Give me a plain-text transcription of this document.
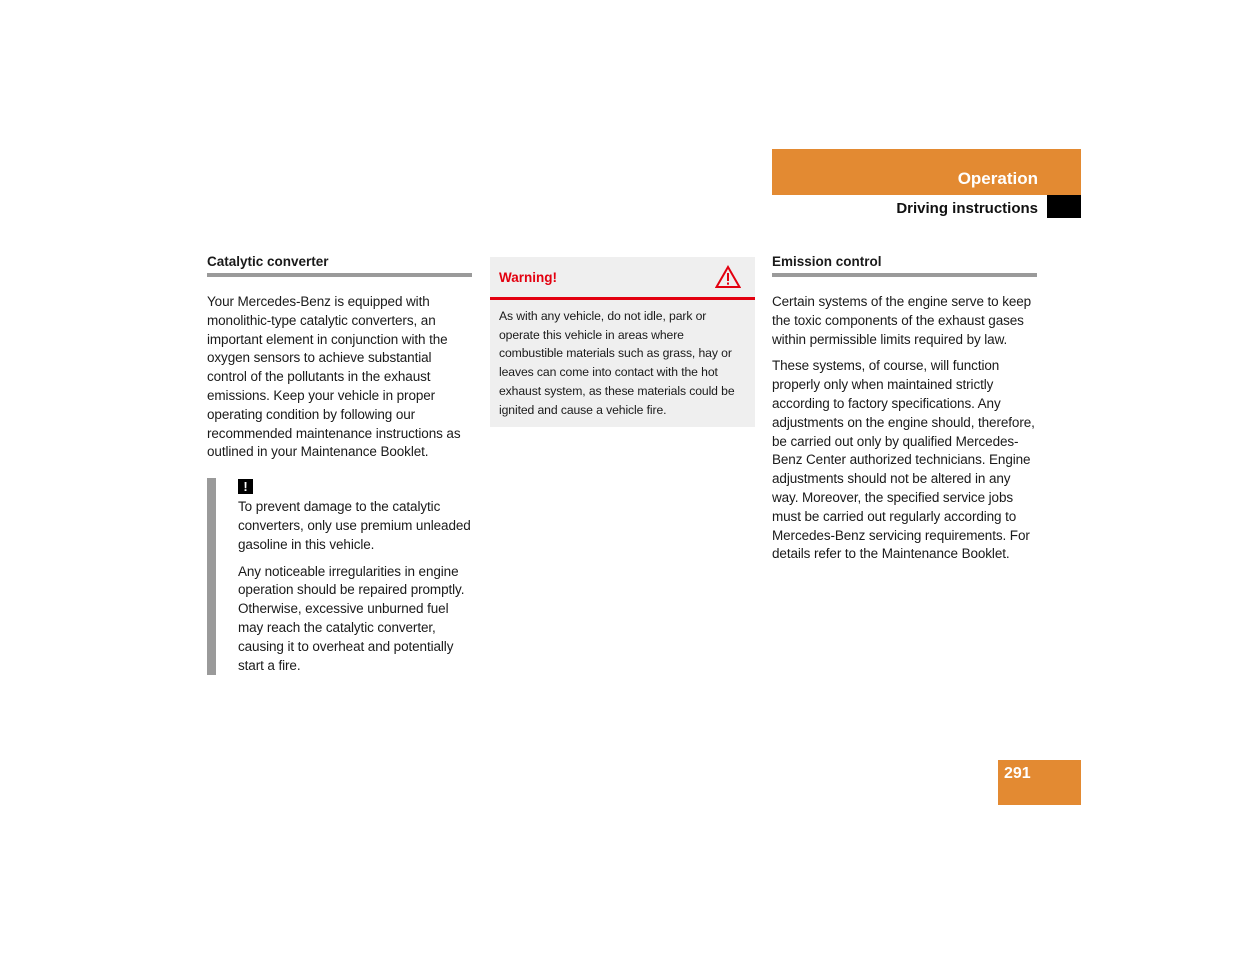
Operation
Driving instructions
Catalytic converter

Your Mercedes-Benz is equipped with monolithic-type catalytic converters, an important element in conjunction with the oxygen sensors to achieve substantial control of the pollutants in the exhaust emissions. Keep your vehicle in proper operating condition by following our recommended maintenance instructions as outlined in your Maintenance Booklet.

!

To prevent damage to the catalytic converters, only use premium unleaded gasoline in this vehicle.

Any noticeable irregularities in engine operation should be repaired promptly. Otherwise, excessive unburned fuel may reach the catalytic converter, causing it to overheat and potentially start a fire.

Warning!
As with any vehicle, do not idle, park or operate this vehicle in areas where combustible materials such as grass, hay or leaves can come into contact with the hot exhaust system, as these materials could be ignited and cause a vehicle fire.
Emission control

Certain systems of the engine serve to keep the toxic components of the exhaust gases within permissible limits required by law.

These systems, of course, will function properly only when maintained strictly according to factory specifications. Any adjustments on the engine should, therefore, be carried out only by qualified Mercedes-Benz Center authorized technicians. Engine adjustments should not be altered in any way. Moreover, the specified service jobs must be carried out regularly according to Mercedes-Benz servicing requirements. For details refer to the Maintenance Booklet.

291
